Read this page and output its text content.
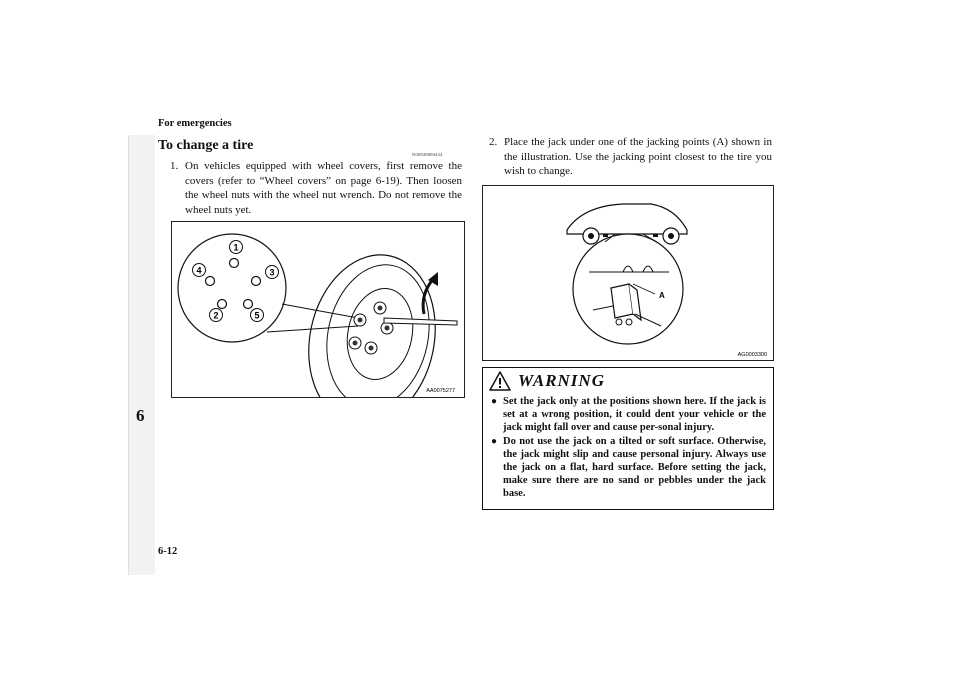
For emergencies
6
To change a tire
N00849800434
1. On vehicles equipped with wheel covers, first remove the covers (refer to “Wheel covers” on page 6-19). Then loosen the wheel nuts with the wheel nut wrench. Do not remove the wheel nuts yet.
1
2
3
4
5
AA0075277
2. Place the jack under one of the jacking points (A) shown in the illustration. Use the jacking point closest to the tire you wish to change.
A
AG0003300
WARNING
● Set the jack only at the positions shown here. If the jack is set at a wrong position, it could dent your vehicle or the jack might fall over and cause per-sonal injury.
● Do not use the jack on a tilted or soft surface. Otherwise, the jack might slip and cause personal injury. Always use the jack on a flat, hard surface. Before setting the jack, make sure there are no sand or pebbles under the jack base.
6-12
